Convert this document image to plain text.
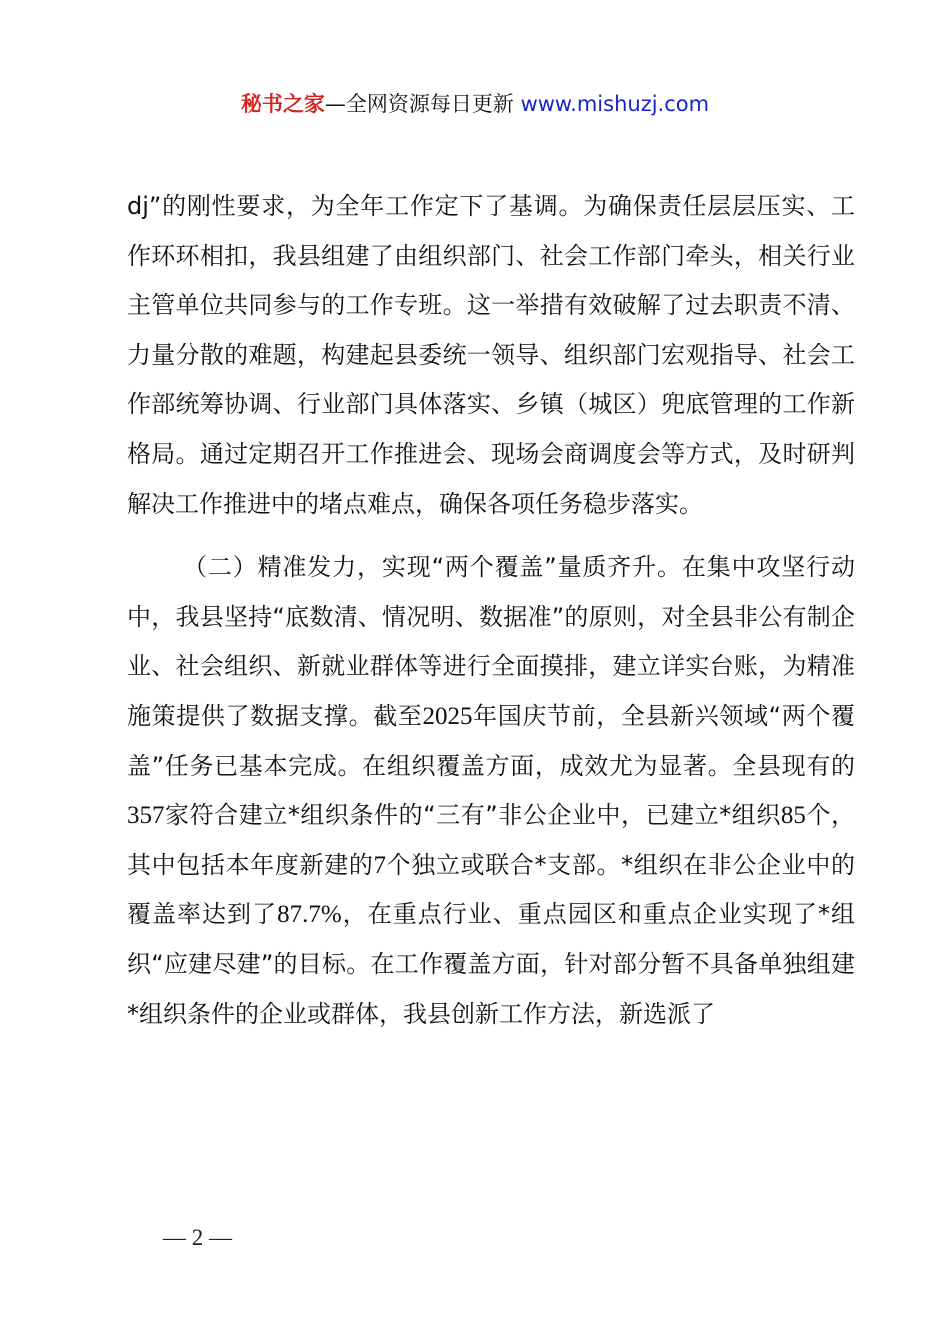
秘书之家—全网资源每日更新 www.mishuzj.com

dj”的刚性要求，为全年工作定下了基调。为确保责任层层压实、工作环环相扣，我县组建了由组织部门、社会工作部门牵头，相关行业主管单位共同参与的工作专班。这一举措有效破解了过去职责不清、力量分散的难题，构建起县委统一领导、组织部门宏观指导、社会工作部统筹协调、行业部门具体落实、乡镇（城区）兜底管理的工作新格局。通过定期召开工作推进会、现场会商调度会等方式，及时研判解决工作推进中的堵点难点，确保各项任务稳步落实。

（二）精准发力，实现“两个覆盖”量质齐升。在集中攻坚行动中，我县坚持“底数清、情况明、数据准”的原则，对全县非公有制企业、社会组织、新就业群体等进行全面摸排，建立详实台账，为精准施策提供了数据支撑。截至2025年国庆节前，全县新兴领域“两个覆盖”任务已基本完成。在组织覆盖方面，成效尤为显著。全县现有的357家符合建立*组织条件的“三有”非公企业中，已建立*组织85个，其中包括本年度新建的7个独立或联合*支部。*组织在非公企业中的覆盖率达到了87.7%，在重点行业、重点园区和重点企业实现了*组织“应建尽建”的目标。在工作覆盖方面，针对部分暂不具备单独组建*组织条件的企业或群体，我县创新工作方法，新选派了

— 2 —
